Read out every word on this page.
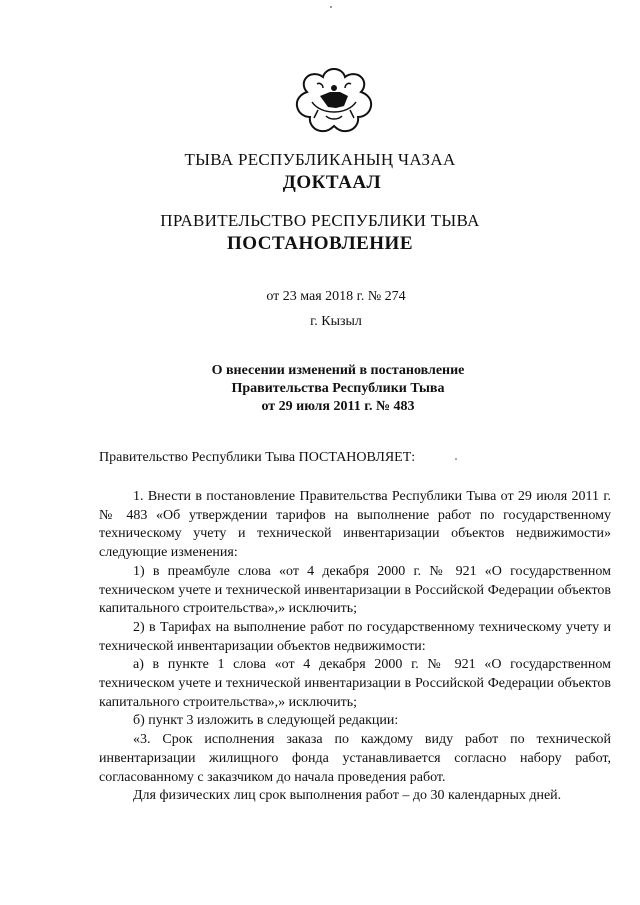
ТЫВА РЕСПУБЛИКАНЫҢ ЧАЗАА
ДОКТААЛ
ПРАВИТЕЛЬСТВО РЕСПУБЛИКИ ТЫВА
ПОСТАНОВЛЕНИЕ
от 23 мая 2018 г. № 274
г. Кызыл
О внесении изменений в постановление
Правительства Республики Тыва
от 29 июля 2011 г. № 483
Правительство Республики Тыва ПОСТАНОВЛЯЕТ:

1. Внести в постановление Правительства Республики Тыва от 29 июля 2011 г. № 483 «Об утверждении тарифов на выполнение работ по государственному техническому учету и технической инвентаризации объектов недвижимости» следующие изменения:

1) в преамбуле слова «от 4 декабря 2000 г. № 921 «О государственном техническом учете и технической инвентаризации в Российской Федерации объектов капитального строительства»,» исключить;

2) в Тарифах на выполнение работ по государственному техническому учету и технической инвентаризации объектов недвижимости:

а) в пункте 1 слова «от 4 декабря 2000 г. № 921 «О государственном техническом учете и технической инвентаризации в Российской Федерации объектов капитального строительства»,» исключить;

б) пункт 3 изложить в следующей редакции:

«3. Срок исполнения заказа по каждому виду работ по технической инвентаризации жилищного фонда устанавливается согласно набору работ, согласованному с заказчиком до начала проведения работ.

Для физических лиц срок выполнения работ – до 30 календарных дней.
